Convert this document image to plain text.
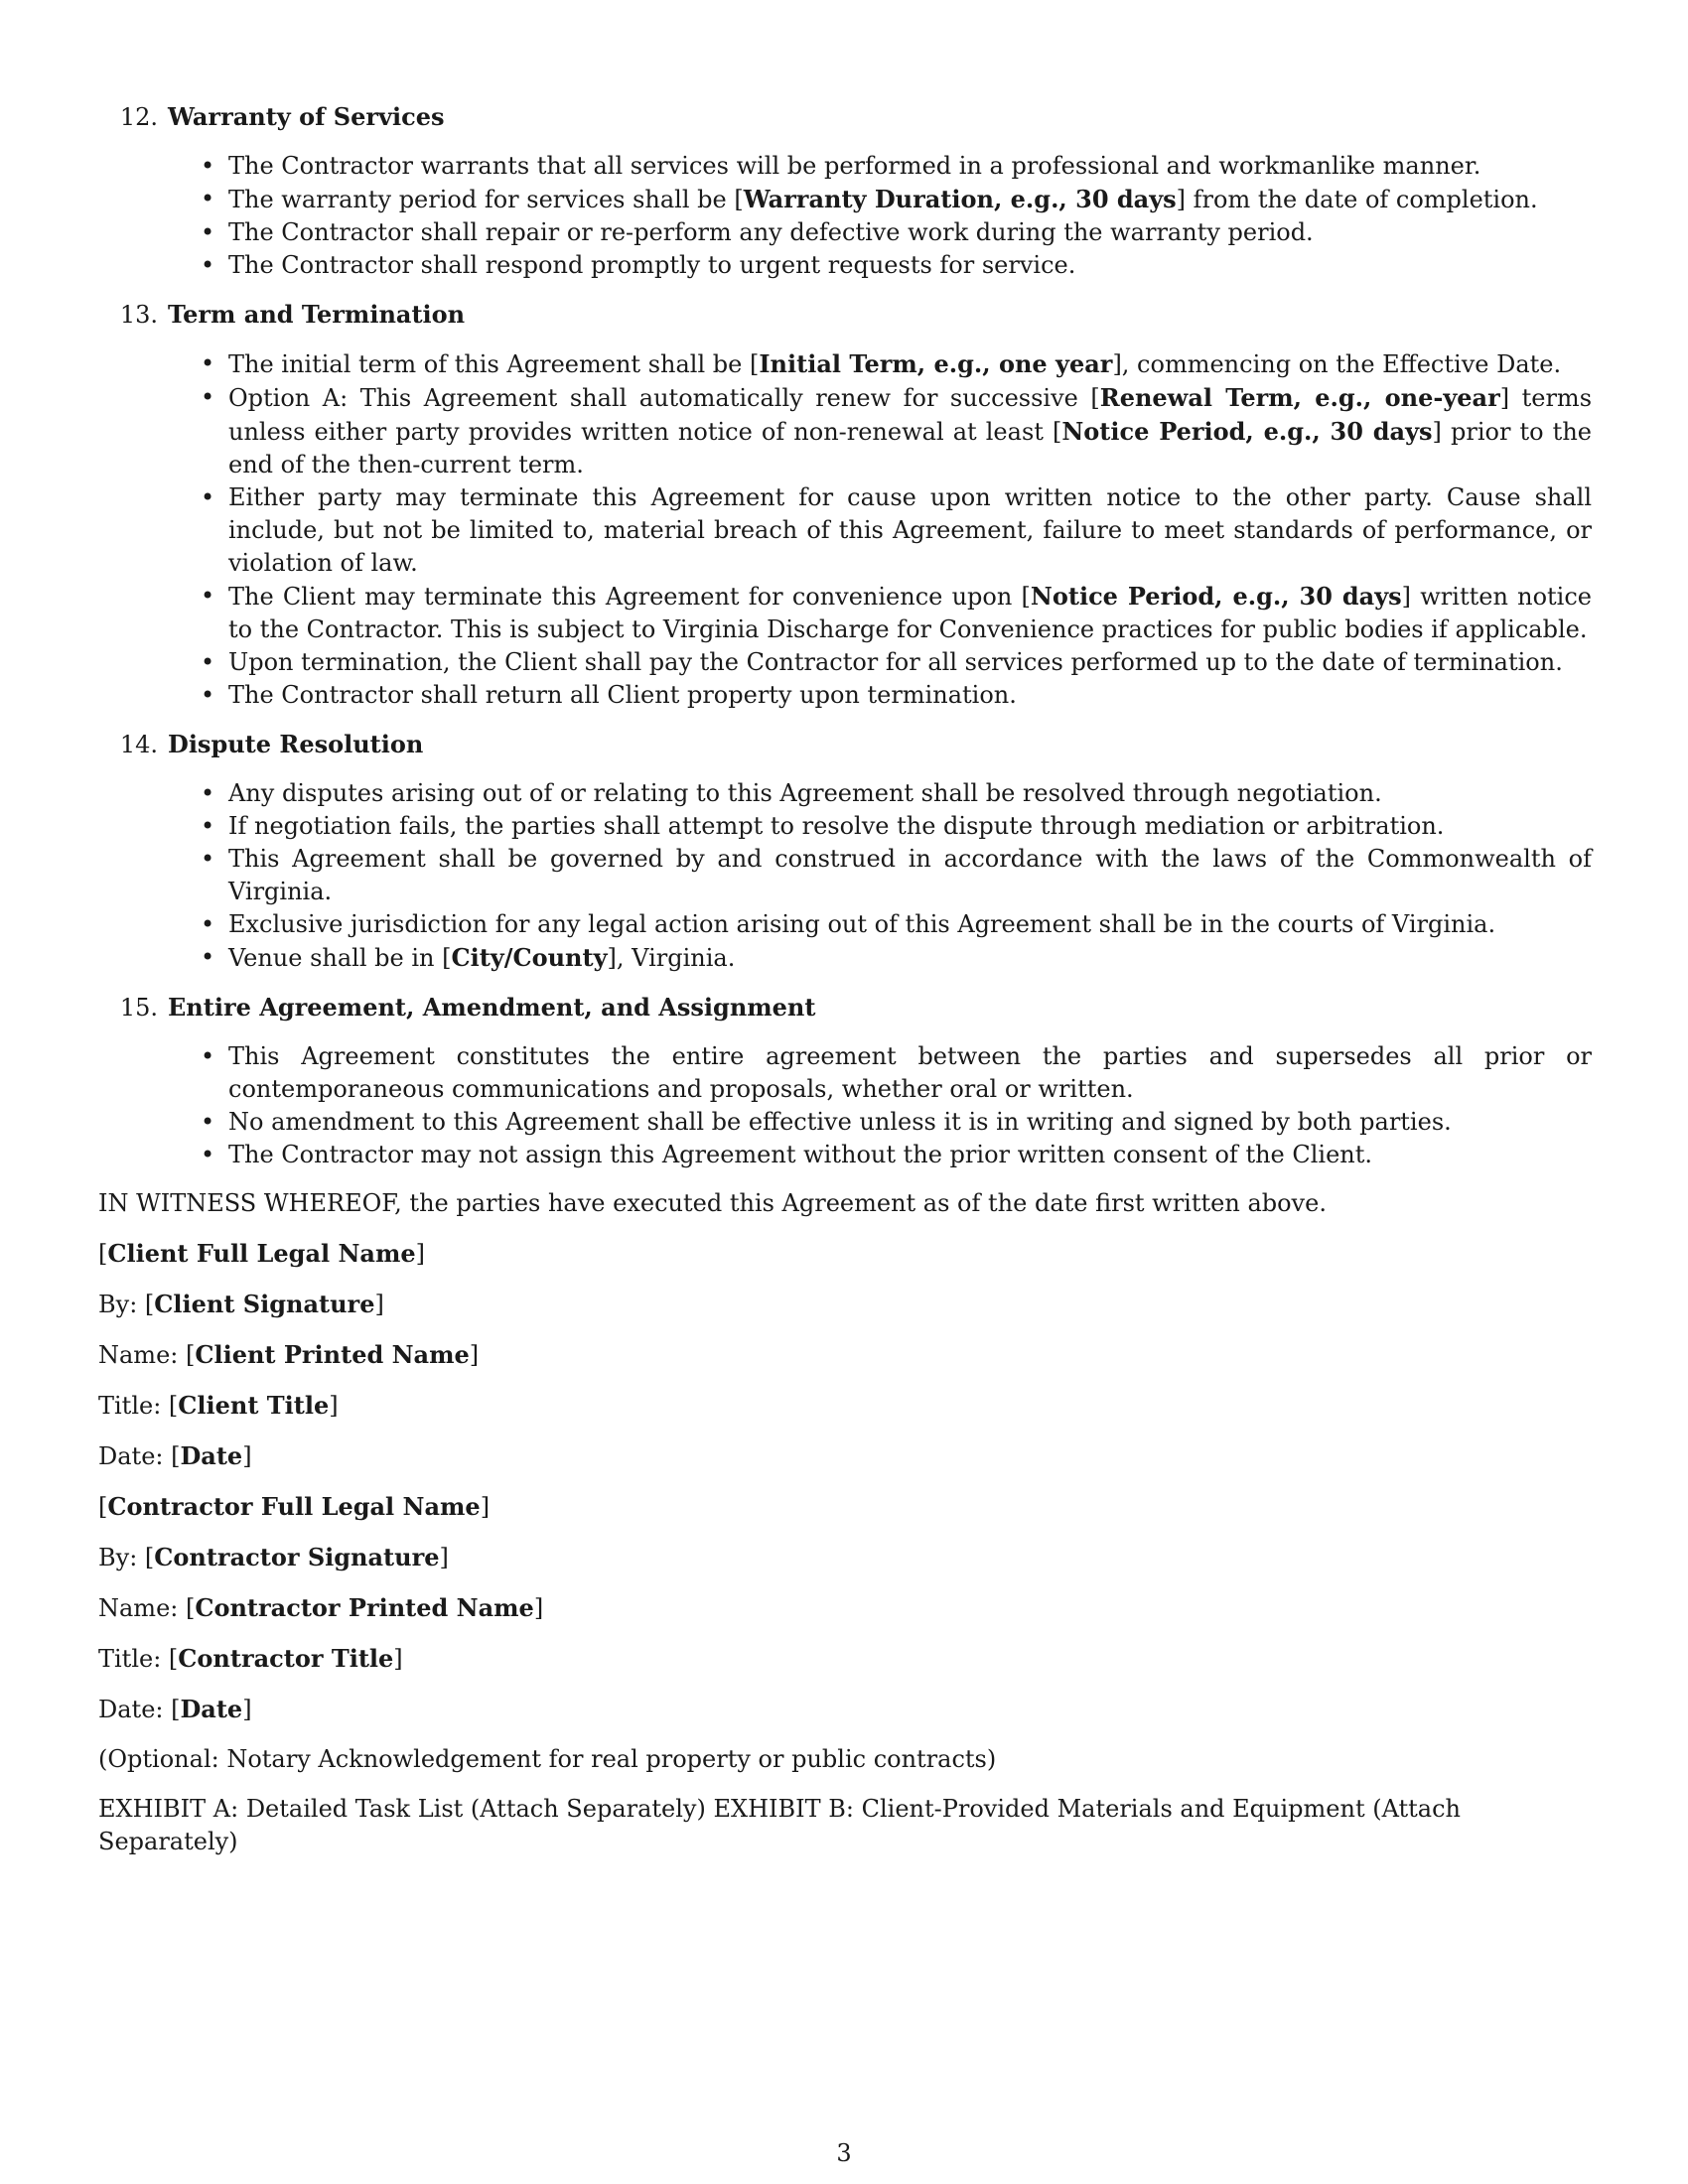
12. Warranty of Services
• The Contractor warrants that all services will be performed in a professional and workmanlike manner.
• The warranty period for services shall be [Warranty Duration, e.g., 30 days] from the date of completion.
• The Contractor shall repair or re-perform any defective work during the warranty period.
• The Contractor shall respond promptly to urgent requests for service.
13. Term and Termination
• The initial term of this Agreement shall be [Initial Term, e.g., one year], commencing on the Effective Date.
• Option A: This Agreement shall automatically renew for successive [Renewal Term, e.g., one-year] terms unless either party provides written notice of non-renewal at least [Notice Period, e.g., 30 days] prior to the end of the then-current term.
• Either party may terminate this Agreement for cause upon written notice to the other party. Cause shall include, but not be limited to, material breach of this Agreement, failure to meet standards of performance, or violation of law.
• The Client may terminate this Agreement for convenience upon [Notice Period, e.g., 30 days] written notice to the Contractor. This is subject to Virginia Discharge for Convenience practices for public bodies if applicable.
• Upon termination, the Client shall pay the Contractor for all services performed up to the date of termination.
• The Contractor shall return all Client property upon termination.
14. Dispute Resolution
• Any disputes arising out of or relating to this Agreement shall be resolved through negotiation.
• If negotiation fails, the parties shall attempt to resolve the dispute through mediation or arbitration.
• This Agreement shall be governed by and construed in accordance with the laws of the Commonwealth of Virginia.
• Exclusive jurisdiction for any legal action arising out of this Agreement shall be in the courts of Virginia.
• Venue shall be in [City/County], Virginia.
15. Entire Agreement, Amendment, and Assignment
• This Agreement constitutes the entire agreement between the parties and supersedes all prior or contemporaneous communications and proposals, whether oral or written.
• No amendment to this Agreement shall be effective unless it is in writing and signed by both parties.
• The Contractor may not assign this Agreement without the prior written consent of the Client.
IN WITNESS WHEREOF, the parties have executed this Agreement as of the date first written above.
[Client Full Legal Name]
By: [Client Signature]
Name: [Client Printed Name]
Title: [Client Title]
Date: [Date]
[Contractor Full Legal Name]
By: [Contractor Signature]
Name: [Contractor Printed Name]
Title: [Contractor Title]
Date: [Date]
(Optional: Notary Acknowledgement for real property or public contracts)
EXHIBIT A: Detailed Task List (Attach Separately) EXHIBIT B: Client-Provided Materials and Equipment (Attach Separately)
3
